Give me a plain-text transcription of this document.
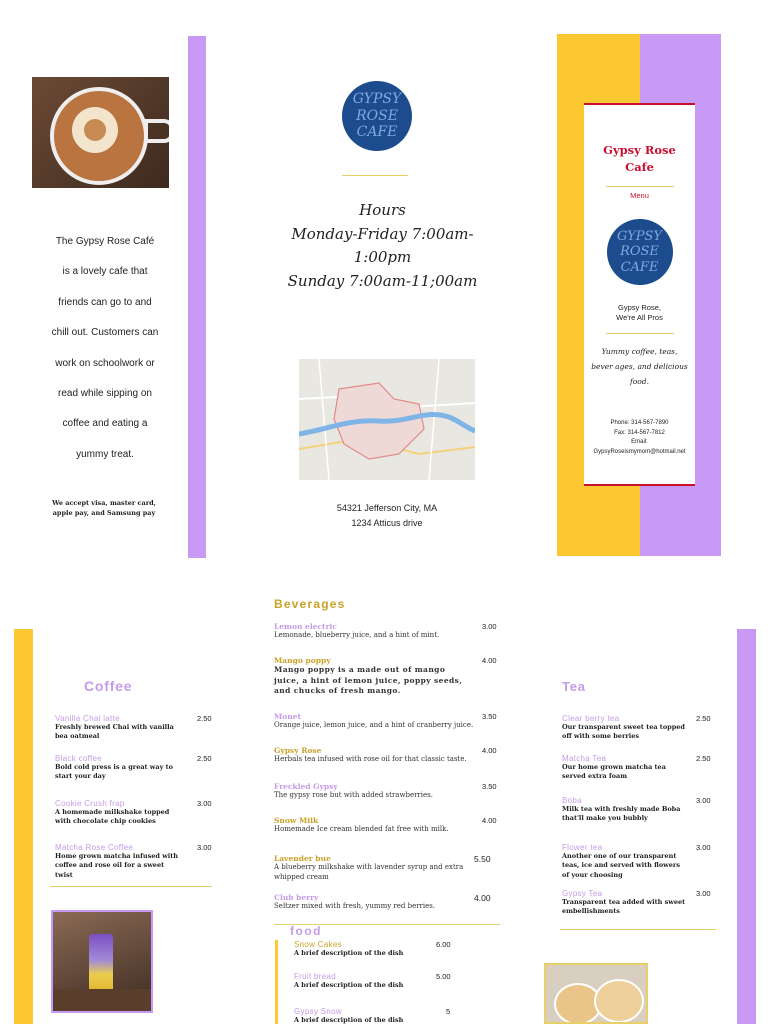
The Gypsy Rose Café
is a lovely cafe that
friends can go to and
chill out. Customers can
work on schoolwork or
read while sipping on
coffee and eating a
yummy treat.
We accept visa, master card, apple pay, and Samsung pay
GYPSY
ROSE
CAFE
Hours
Monday-Friday 7:00am-
1:00pm
Sunday 7:00am-11;00am
54321 Jefferson City, MA
1234 Atticus drive
Gypsy Rose
Cafe
Menu
GYPSY
ROSE
CAFE
Gypsy Rose,
We're All Pros
Yummy coffee, teas, bever ages, and delicious food.
Phone: 314-567-7890
Fax: 314-567-7812
Email:
GypsyRoseismymom@hotmail.net
Coffee
Vanilla Chai latte
Freshly brewed Chai with vanilla bea oatmeal
2.50
Black coffee
Bold cold press is a great way to start your day
2.50
Cookie Crush frap
A homemade milkshake topped with chocolate chip cookies
3.00
Matcha Rose Coffee
Home grown matcha infused with coffee and rose oil for a sweet twist
3.00
Beverages
Lemon electric
Lemonade, blueberry juice, and a hint of mint.
3.00
Mango poppy
Mango poppy is a made out of mango juice, a hint of lemon juice, poppy seeds, and chucks of fresh mango.
4.00
Monet
Orange juice, lemon juice, and a hint of cranberry juice.
3.50
Gypsy Rose
Herbals tea infused with rose oil for that classic taste.
4.00
Freckled Gypsy
The gypsy rose but with added strawberries.
3.50
Snow Milk
Homemade Ice cream blended fat free with milk.
4.00
Lavender bue
A blueberry milkshake with lavender syrup and extra whipped cream
5.50
Club berry
Seltzer mixed with fresh, yummy red berries.
4.00
food
Snow Cakes
A brief description of the dish
6.00
Fruit bread
A brief description of the dish
5.00
Gypsy Snow
A brief description of the dish
5
Tea
Clear berry tea
Our transparent sweet tea topped off with some berries
2.50
Matcha Tea
Our home grown matcha tea served extra foam
2.50
Boba
Milk tea with freshly made Boba that'll make you bubbly
3.00
Flower tea
Another one of our transparent teas, ice and served with flowers of your choosing
3.00
Gypsy Tea
Transparent tea added with sweet embellishments
3.00
